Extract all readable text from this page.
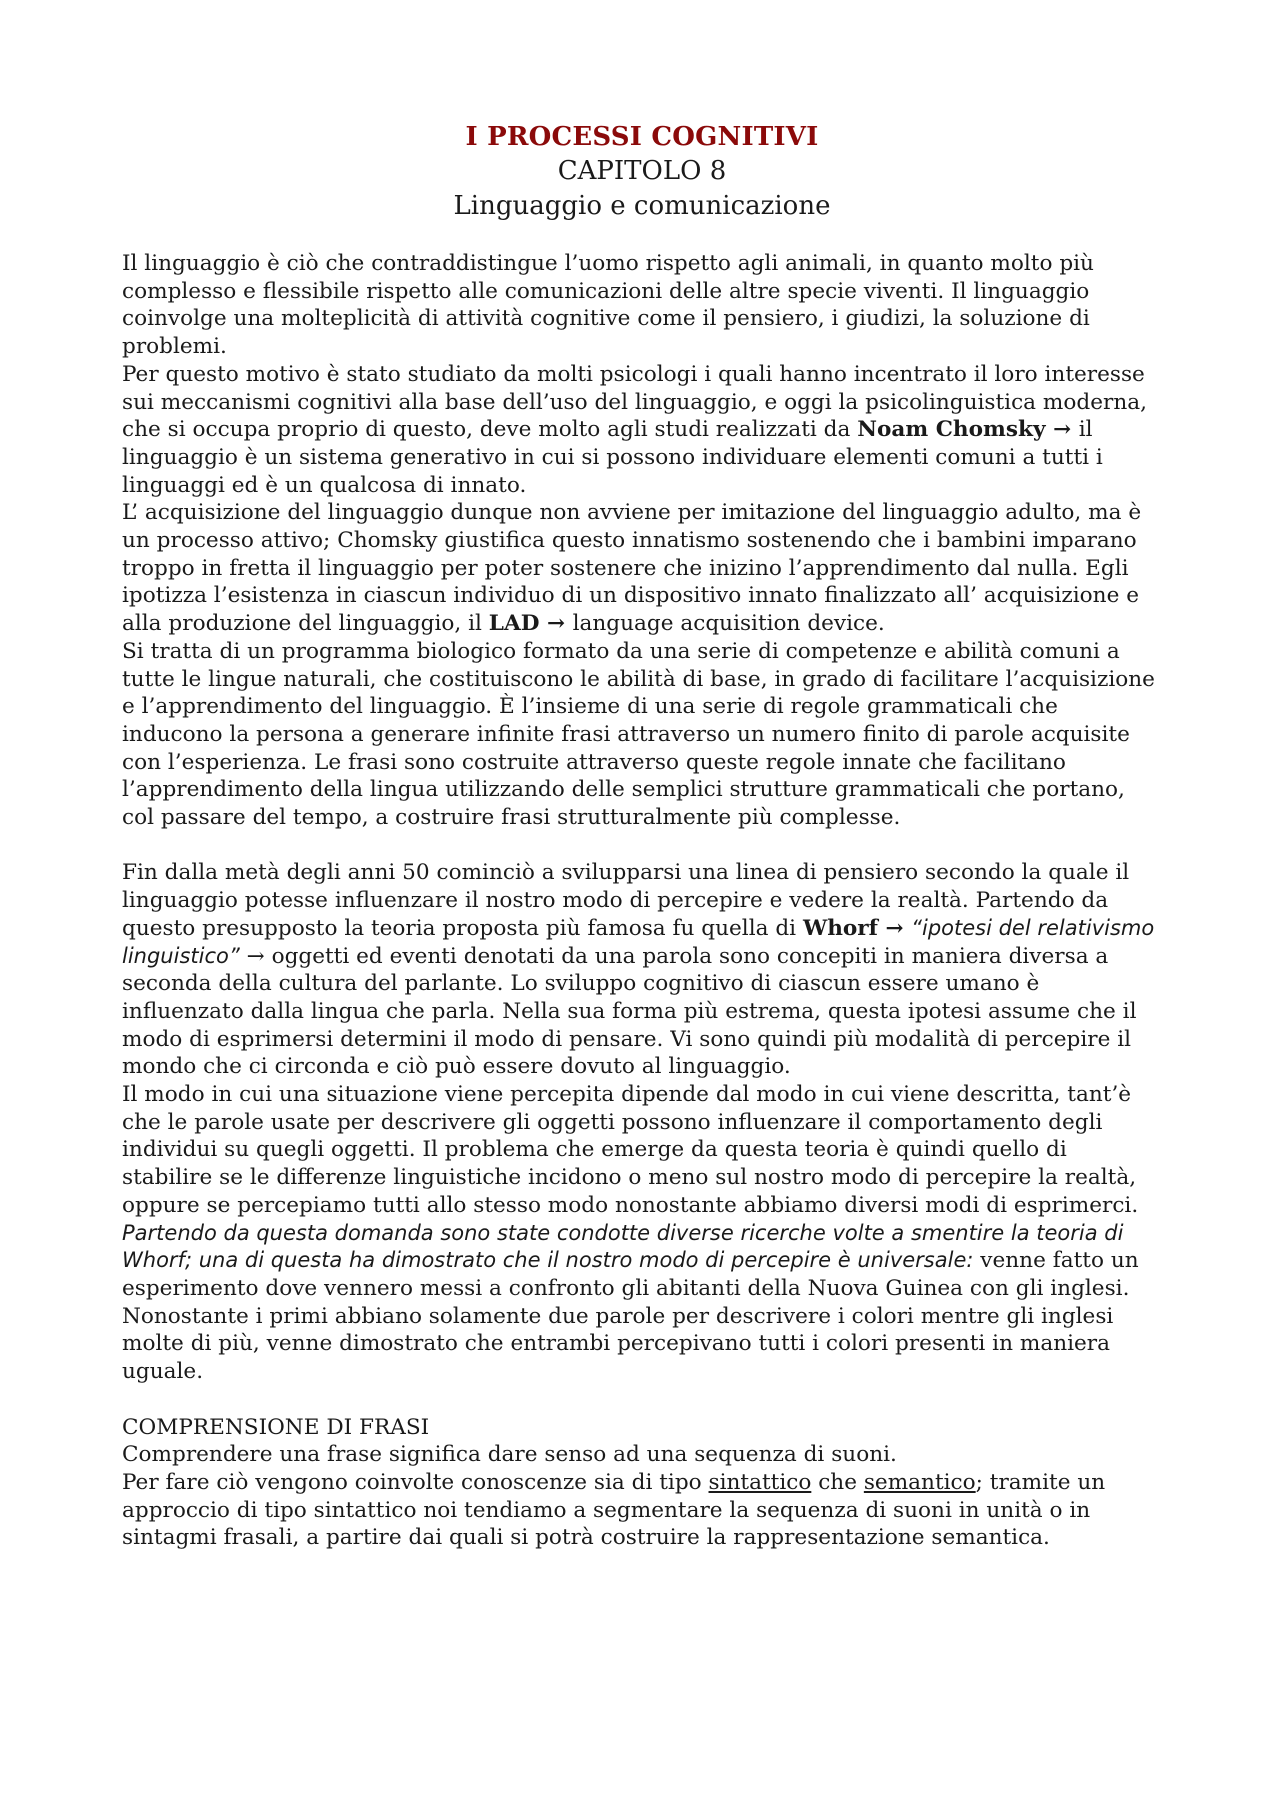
I PROCESSI COGNITIVI
CAPITOLO 8
Linguaggio e comunicazione

Il linguaggio è ciò che contraddistingue l’uomo rispetto agli animali, in quanto molto più complesso e flessibile rispetto alle comunicazioni delle altre specie viventi. Il linguaggio coinvolge una molteplicità di attività cognitive come il pensiero, i giudizi, la soluzione di problemi.

Per questo motivo è stato studiato da molti psicologi i quali hanno incentrato il loro interesse sui meccanismi cognitivi alla base dell’uso del linguaggio, e oggi la psicolinguistica moderna, che si occupa proprio di questo, deve molto agli studi realizzati da Noam Chomsky → il linguaggio è un sistema generativo in cui si possono individuare elementi comuni a tutti i linguaggi ed è un qualcosa di innato.

L’ acquisizione del linguaggio dunque non avviene per imitazione del linguaggio adulto, ma è un processo attivo; Chomsky giustifica questo innatismo sostenendo che i bambini imparano troppo in fretta il linguaggio per poter sostenere che inizino l’apprendimento dal nulla. Egli ipotizza l’esistenza in ciascun individuo di un dispositivo innato finalizzato all’ acquisizione e alla produzione del linguaggio, il LAD → language acquisition device.

Si tratta di un programma biologico formato da una serie di competenze e abilità comuni a tutte le lingue naturali, che costituiscono le abilità di base, in grado di facilitare l’acquisizione e l’apprendimento del linguaggio. È l’insieme di una serie di regole grammaticali che inducono la persona a generare infinite frasi attraverso un numero finito di parole acquisite con l’esperienza. Le frasi sono costruite attraverso queste regole innate che facilitano l’apprendimento della lingua utilizzando delle semplici strutture grammaticali che portano, col passare del tempo, a costruire frasi strutturalmente più complesse.

Fin dalla metà degli anni 50 cominciò a svilupparsi una linea di pensiero secondo la quale il linguaggio potesse influenzare il nostro modo di percepire e vedere la realtà. Partendo da questo presupposto la teoria proposta più famosa fu quella di Whorf → “ipotesi del relativismo linguistico” → oggetti ed eventi denotati da una parola sono concepiti in maniera diversa a seconda della cultura del parlante. Lo sviluppo cognitivo di ciascun essere umano è influenzato dalla lingua che parla. Nella sua forma più estrema, questa ipotesi assume che il modo di esprimersi determini il modo di pensare. Vi sono quindi più modalità di percepire il mondo che ci circonda e ciò può essere dovuto al linguaggio.

Il modo in cui una situazione viene percepita dipende dal modo in cui viene descritta, tant’è che le parole usate per descrivere gli oggetti possono influenzare il comportamento degli individui su quegli oggetti. Il problema che emerge da questa teoria è quindi quello di stabilire se le differenze linguistiche incidono o meno sul nostro modo di percepire la realtà, oppure se percepiamo tutti allo stesso modo nonostante abbiamo diversi modi di esprimerci.

Partendo da questa domanda sono state condotte diverse ricerche volte a smentire la teoria di Whorf; una di questa ha dimostrato che il nostro modo di percepire è universale: venne fatto un esperimento dove vennero messi a confronto gli abitanti della Nuova Guinea con gli inglesi. Nonostante i primi abbiano solamente due parole per descrivere i colori mentre gli inglesi molte di più, venne dimostrato che entrambi percepivano tutti i colori presenti in maniera uguale.

COMPRENSIONE DI FRASI

Comprendere una frase significa dare senso ad una sequenza di suoni.

Per fare ciò vengono coinvolte conoscenze sia di tipo sintattico che semantico; tramite un approccio di tipo sintattico noi tendiamo a segmentare la sequenza di suoni in unità o in sintagmi frasali, a partire dai quali si potrà costruire la rappresentazione semantica.
